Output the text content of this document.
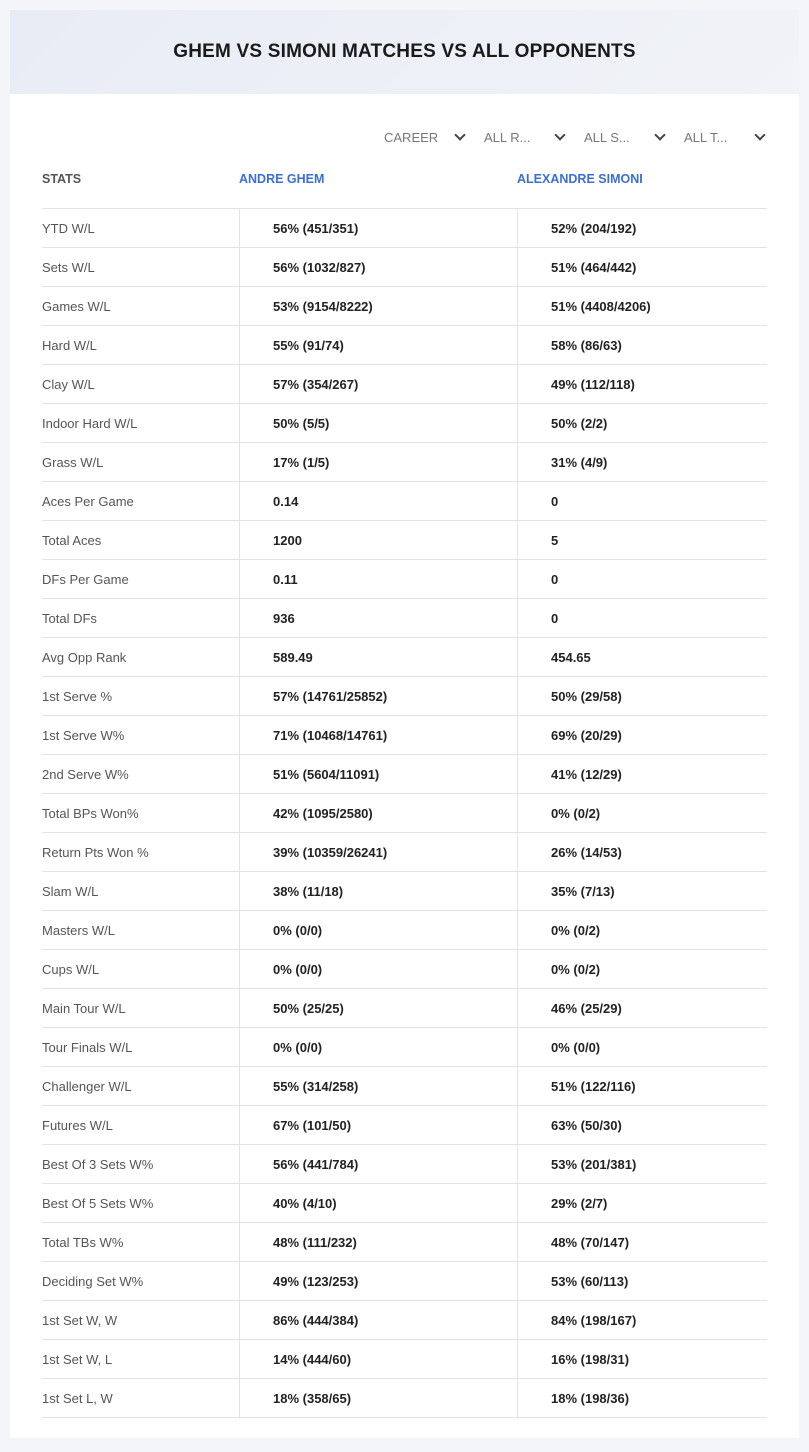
GHEM VS SIMONI MATCHES VS ALL OPPONENTS
CAREER	ALL R...	ALL S...	ALL T...
STATS	ANDRE GHEM	ALEXANDRE SIMONI
YTD W/L	56% (451/351)	52% (204/192)
Sets W/L	56% (1032/827)	51% (464/442)
Games W/L	53% (9154/8222)	51% (4408/4206)
Hard W/L	55% (91/74)	58% (86/63)
Clay W/L	57% (354/267)	49% (112/118)
Indoor Hard W/L	50% (5/5)	50% (2/2)
Grass W/L	17% (1/5)	31% (4/9)
Aces Per Game	0.14	0
Total Aces	1200	5
DFs Per Game	0.11	0
Total DFs	936	0
Avg Opp Rank	589.49	454.65
1st Serve %	57% (14761/25852)	50% (29/58)
1st Serve W%	71% (10468/14761)	69% (20/29)
2nd Serve W%	51% (5604/11091)	41% (12/29)
Total BPs Won%	42% (1095/2580)	0% (0/2)
Return Pts Won %	39% (10359/26241)	26% (14/53)
Slam W/L	38% (11/18)	35% (7/13)
Masters W/L	0% (0/0)	0% (0/2)
Cups W/L	0% (0/0)	0% (0/2)
Main Tour W/L	50% (25/25)	46% (25/29)
Tour Finals W/L	0% (0/0)	0% (0/0)
Challenger W/L	55% (314/258)	51% (122/116)
Futures W/L	67% (101/50)	63% (50/30)
Best Of 3 Sets W%	56% (441/784)	53% (201/381)
Best Of 5 Sets W%	40% (4/10)	29% (2/7)
Total TBs W%	48% (111/232)	48% (70/147)
Deciding Set W%	49% (123/253)	53% (60/113)
1st Set W, W	86% (444/384)	84% (198/167)
1st Set W, L	14% (444/60)	16% (198/31)
1st Set L, W	18% (358/65)	18% (198/36)
